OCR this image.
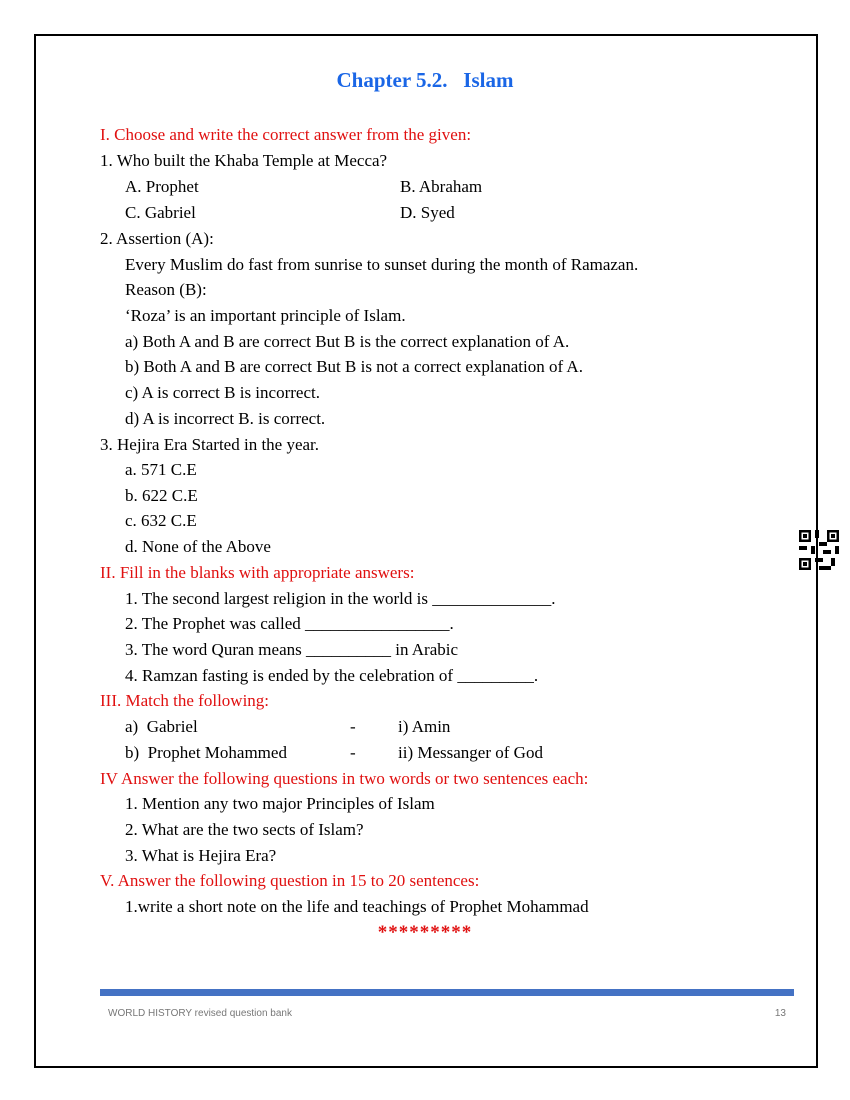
Chapter 5.2.   Islam
I. Choose and write the correct answer from the given:
1. Who built the Khaba Temple at Mecca?
A. Prophet	B. Abraham
C. Gabriel	D. Syed
2. Assertion (A):
Every Muslim do fast from sunrise to sunset during the month of Ramazan.
Reason (B):
‘Roza’ is an important principle of Islam.
a) Both A and B are correct But B is the correct explanation of A.
b) Both A and B are correct But B is not a correct explanation of A.
c) A is correct B is incorrect.
d) A is incorrect B. is correct.
3. Hejira Era Started in the year.
a. 571 C.E
b. 622 C.E
c. 632 C.E
d. None of the Above
II. Fill in the blanks with appropriate answers:
1. The second largest religion in the world is ______________.
2. The Prophet was called _________________.
3. The word Quran means __________ in Arabic
4. Ramzan fasting is ended by the celebration of _________.
III. Match the following:
a)  Gabriel	- i) Amin
b)  Prophet Mohammed	- ii) Messanger of God
IV Answer the following questions in two words or two sentences each:
1. Mention any two major Principles of Islam
2. What are the two sects of Islam?
3. What is Hejira Era?
V. Answer the following question in 15 to 20 sentences:
1.write a short note on the life and teachings of Prophet Mohammad
*********
WORLD HISTORY revised question bank	13
